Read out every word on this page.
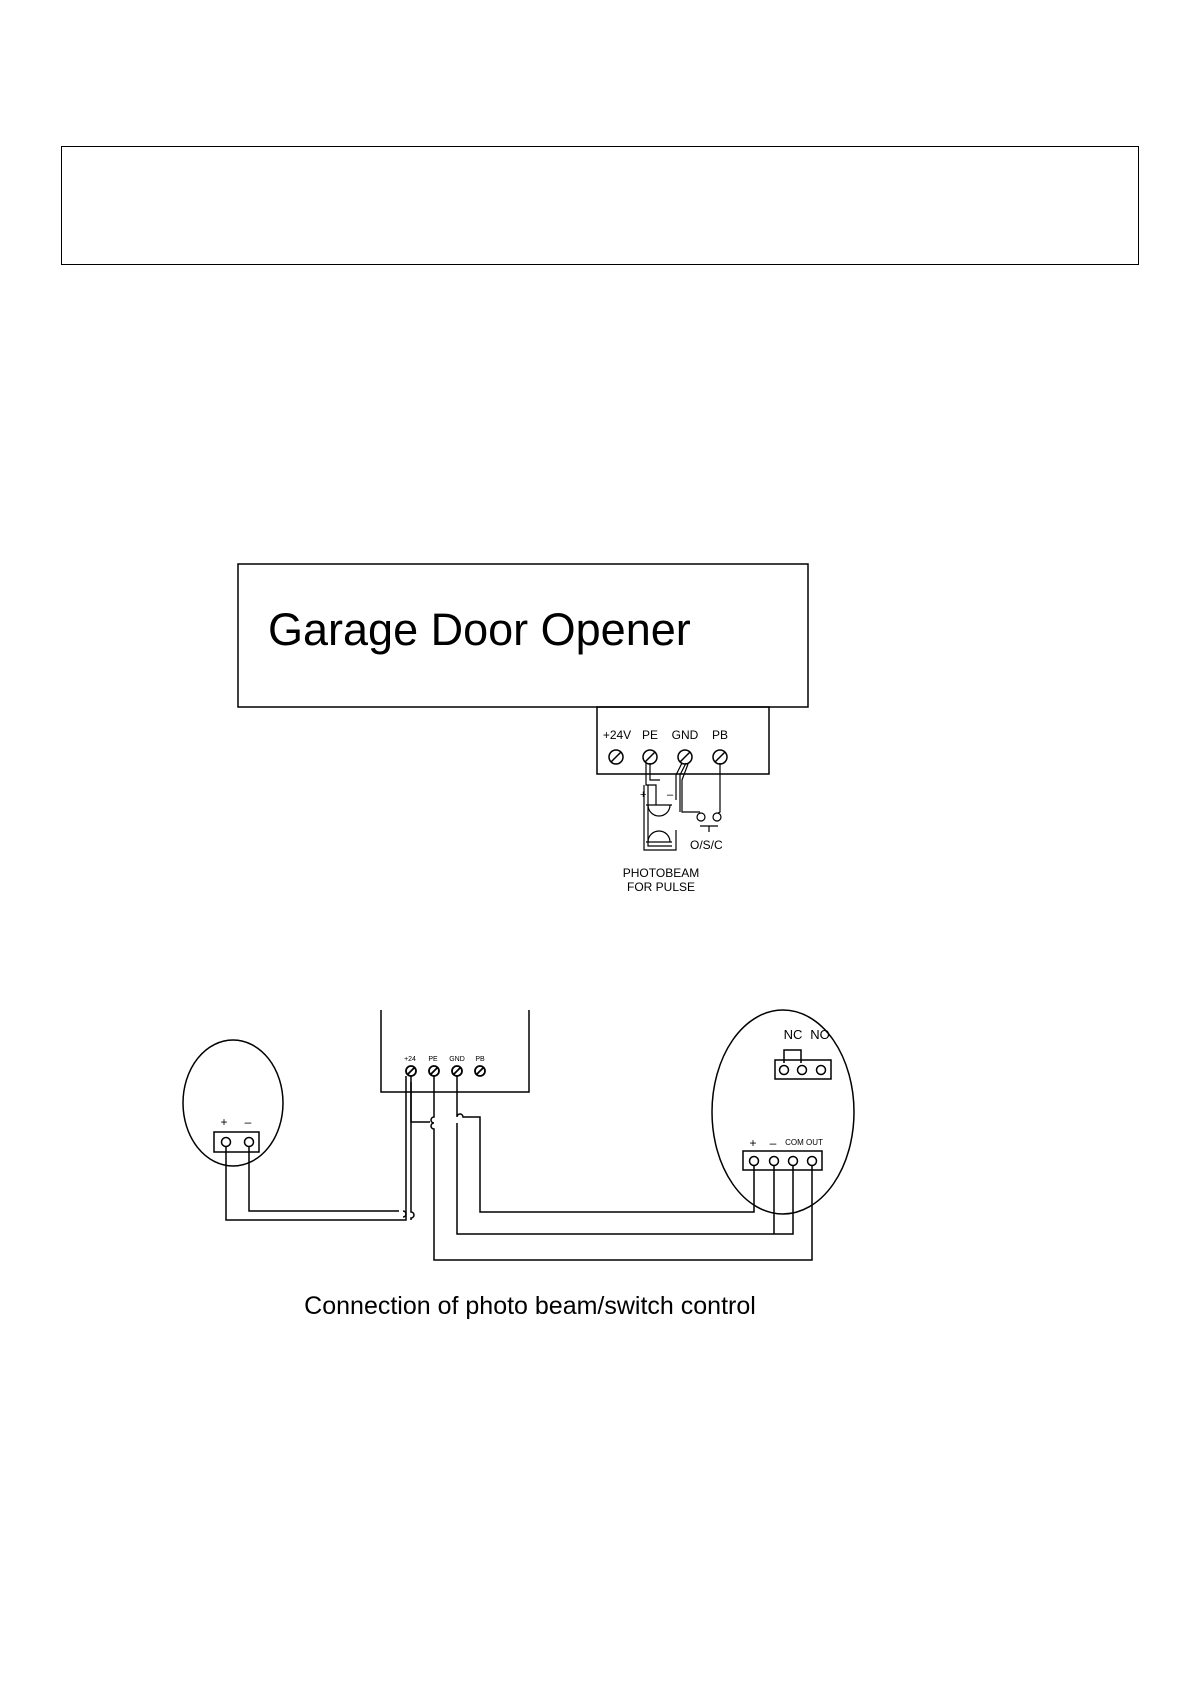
Garage Door Opener
+24V PE GND PB
+ –
O/S/C
PHOTOBEAM
FOR PULSE
+24 PE GND PB
+ –
NC NO
+ – COM OUT
Connection of photo beam/switch control
